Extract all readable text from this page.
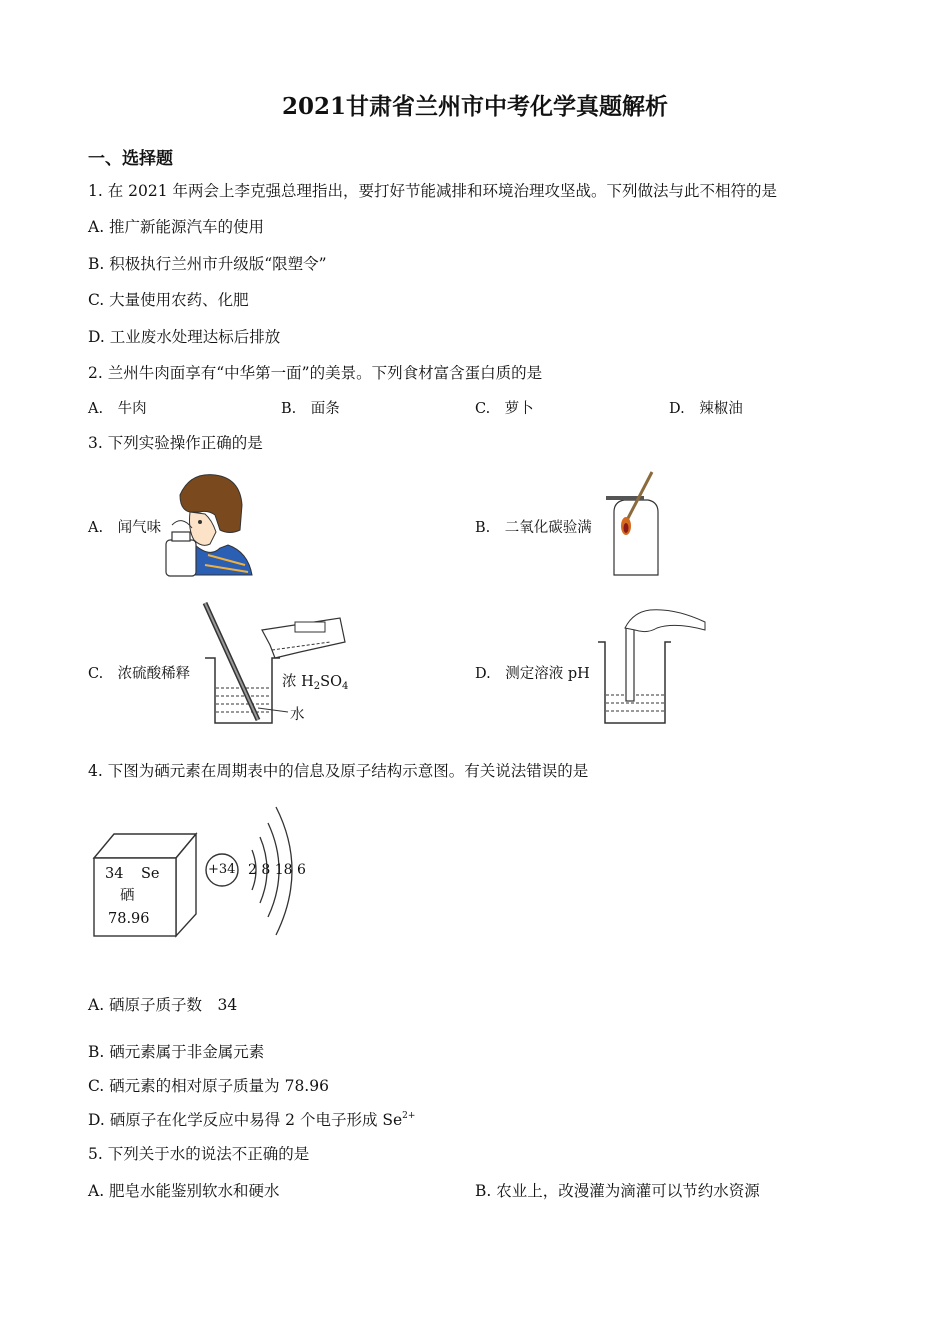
2021甘肃省兰州市中考化学真题解析
一、选择题
1. 在 2021 年两会上李克强总理指出，要打好节能减排和环境治理攻坚战。下列做法与此不相符的是
A. 推广新能源汽车的使用
B. 积极执行兰州市升级版“限塑令”
C. 大量使用农药、化肥
D. 工业废水处理达标后排放
2. 兰州牛肉面享有“中华第一面”的美景。下列食材富含蛋白质的是
A.　牛肉	B.　面条	C.　萝卜	D.　辣椒油
3. 下列实验操作正确的是
A.　闻气味	B.　二氧化碳验满
C.　浓硫酸稀释	D.　测定溶液 pH
浓 $H_2SO_4$
水
4. 下图为硒元素在周期表中的信息及原子结构示意图。有关说法错误的是
34 Se
硒
78.96
+34 2 8 18 6
A. 硒原子质子数　34
B. 硒元素属于非金属元素
C. 硒元素的相对原子质量为 78.96
D. 硒原子在化学反应中易得 2 个电子形成 $Se^{2+}$
5. 下列关于水的说法不正确的是
A. 肥皂水能鉴别软水和硬水	B. 农业上，改漫灌为滴灌可以节约水资源
